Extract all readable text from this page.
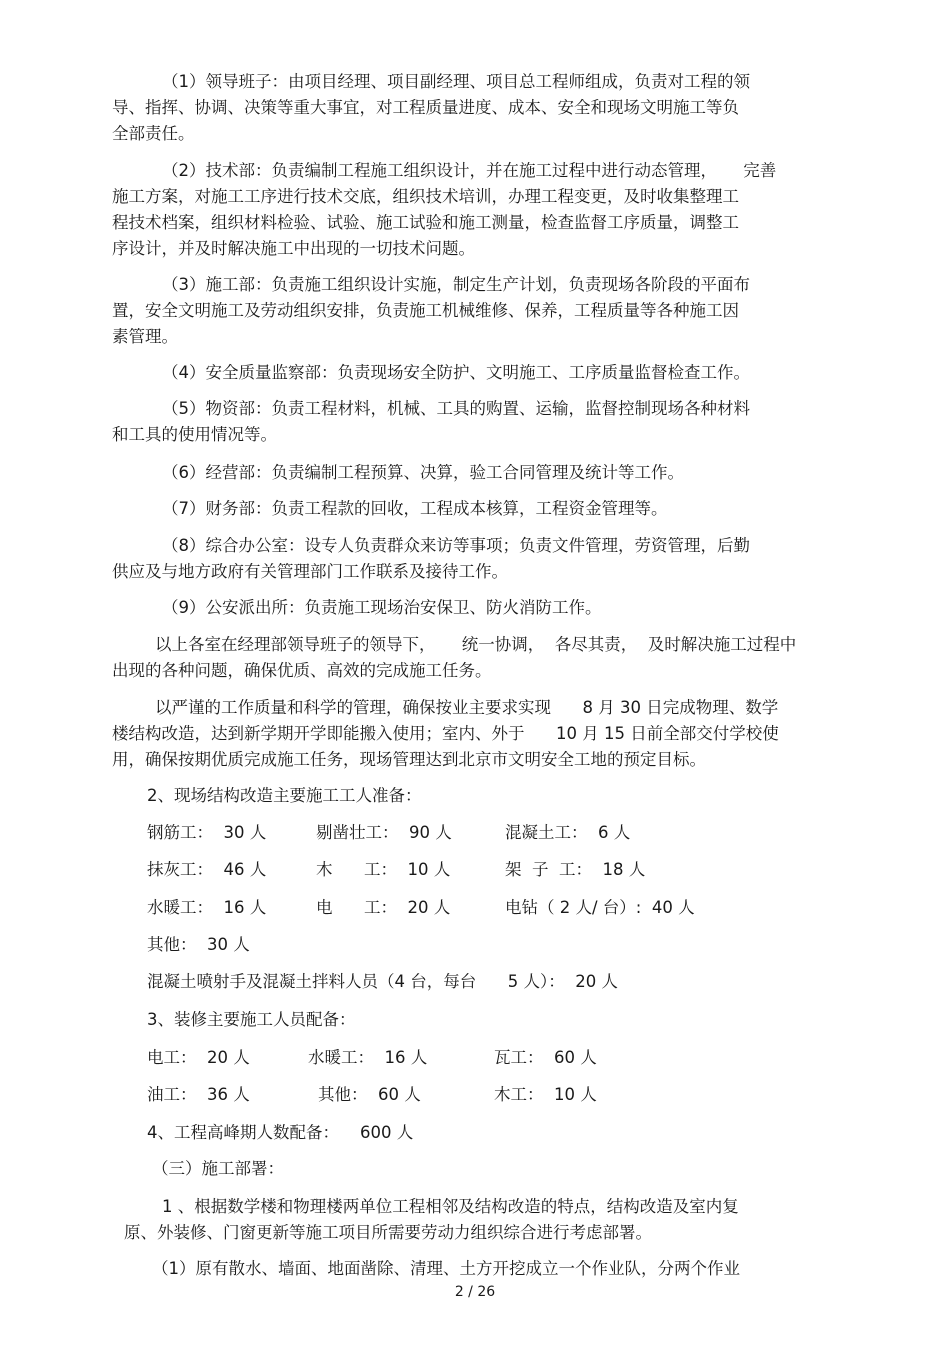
（1）领导班子：由项目经理、项目副经理、项目总工程师组成，负责对工程的领
导、指挥、协调、决策等重大事宜，对工程质量进度、成本、安全和现场文明施工等负
全部责任。
（2）技术部：负责编制工程施工组织设计，并在施工过程中进行动态管理，     完善
施工方案，对施工工序进行技术交底，组织技术培训，办理工程变更，及时收集整理工
程技术档案，组织材料检验、试验、施工试验和施工测量，检查监督工序质量，调整工
序设计，并及时解决施工中出现的一切技术问题。
（3）施工部：负责施工组织设计实施，制定生产计划，负责现场各阶段的平面布
置，安全文明施工及劳动组织安排，负责施工机械维修、保养，工程质量等各种施工因
素管理。
（4）安全质量监察部：负责现场安全防护、文明施工、工序质量监督检查工作。
（5）物资部：负责工程材料，机械、工具的购置、运输，监督控制现场各种材料
和工具的使用情况等。
（6）经营部：负责编制工程预算、决算，验工合同管理及统计等工作。
（7）财务部：负责工程款的回收，工程成本核算，工程资金管理等。
（8）综合办公室：设专人负责群众来访等事项；负责文件管理，劳资管理，后勤
供应及与地方政府有关管理部门工作联系及接待工作。
（9）公安派出所：负责施工现场治安保卫、防火消防工作。
以上各室在经理部领导班子的领导下，     统一协调，  各尽其责，  及时解决施工过程中
出现的各种问题，确保优质、高效的完成施工任务。
以严谨的工作质量和科学的管理，确保按业主要求实现      8 月 30 日完成物理、数学
楼结构改造，达到新学期开学即能搬入使用；室内、外于      10 月 15 日前全部交付学校使
用，确保按期优质完成施工任务，现场管理达到北京市文明安全工地的预定目标。
2、现场结构改造主要施工工人准备：
钢筋工：  30 人	剔凿壮工：  90 人	混凝土工：  6 人
抹灰工：  46 人	木      工：  10 人	架  子  工：  18 人
水暖工：  16 人	电      工：  20 人	电钻（ 2 人/ 台）:  40 人
其他：  30 人
混凝土喷射手及混凝土拌料人员（4 台，每台      5 人）：  20 人
3、装修主要施工人员配备：
电工：  20 人	水暖工：  16 人	瓦工：  60 人
油工：  36 人	其他：  60 人	木工：  10 人
4、工程高峰期人数配备：    600 人
（三）施工部署：
1 、根据数学楼和物理楼两单位工程相邻及结构改造的特点，结构改造及室内复
原、外装修、门窗更新等施工项目所需要劳动力组织综合进行考虑部署。
（1）原有散水、墙面、地面凿除、清理、土方开挖成立一个作业队，分两个作业
2 / 26
